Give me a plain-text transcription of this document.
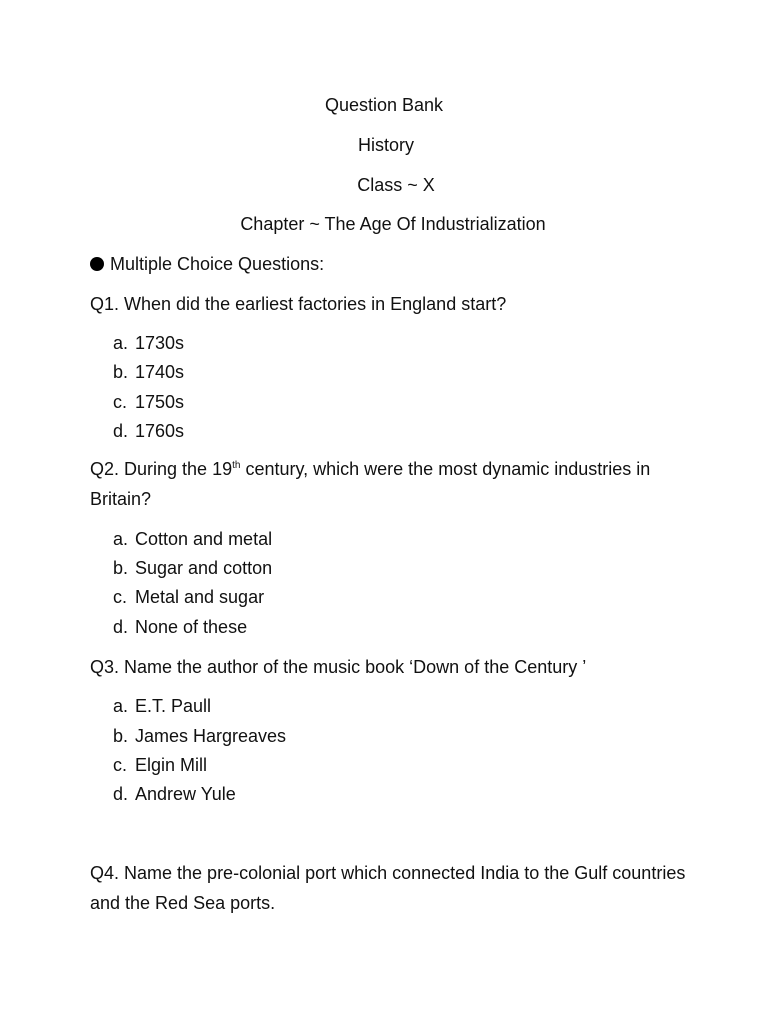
Question Bank
History
Class ~ X
Chapter ~ The Age Of Industrialization
Multiple Choice Questions:
Q1. When did the earliest factories in England start?
a. 1730s
b. 1740s
c. 1750s
d. 1760s
Q2. During the 19th century, which were the most dynamic industries in Britain?
a. Cotton and metal
b. Sugar and cotton
c. Metal and sugar
d. None of these
Q3. Name the author of the music book ‘Down of the Century ’
a. E.T. Paull
b. James Hargreaves
c. Elgin Mill
d. Andrew Yule
Q4. Name the pre-colonial port which connected India to the Gulf countries and the Red Sea ports.
